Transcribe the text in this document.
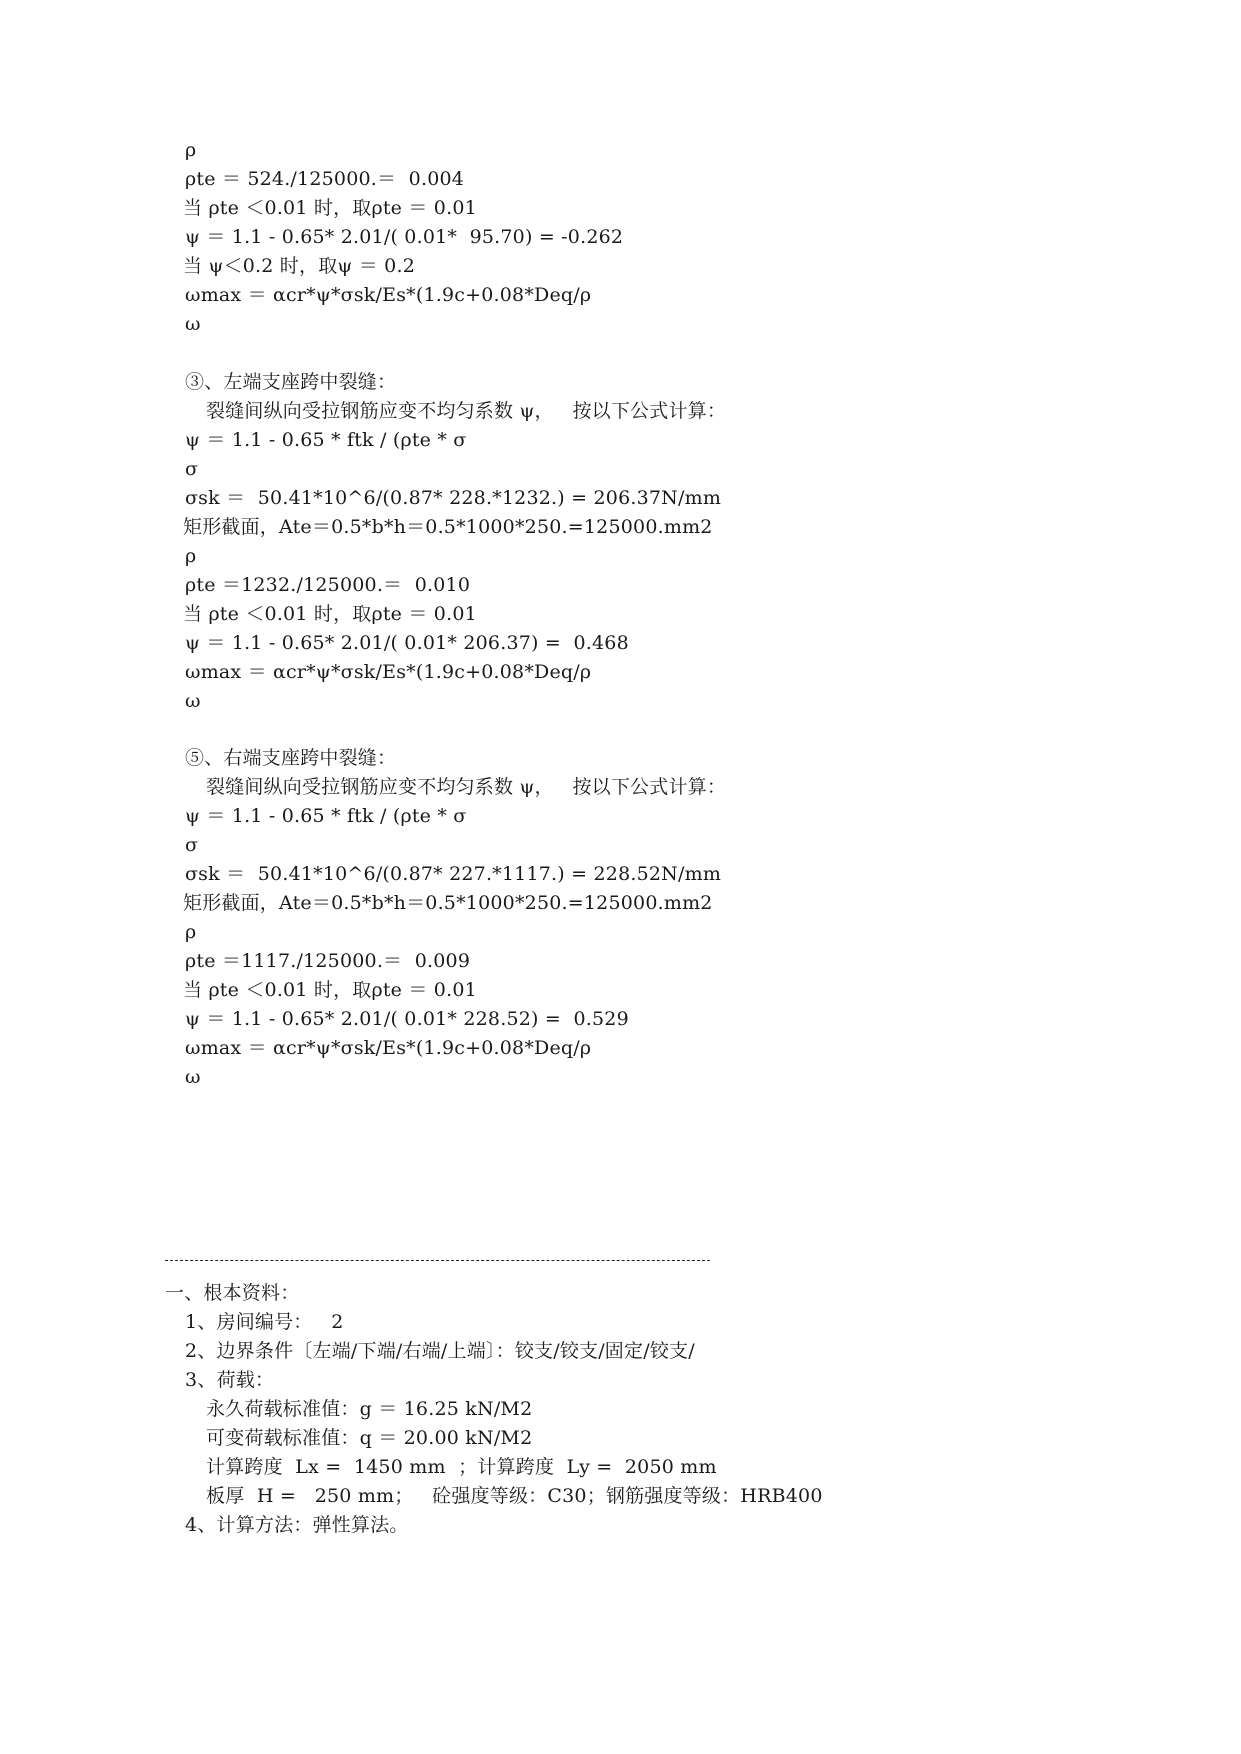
ρ
ρte ＝ 524./125000.＝  0.004
当 ρte ＜0.01 时，取ρte ＝ 0.01
ψ ＝ 1.1 - 0.65* 2.01/( 0.01*  95.70) = -0.262
当 ψ＜0.2 时，取ψ ＝ 0.2
ωmax ＝ αcr*ψ*σsk/Es*(1.9c+0.08*Deq/ρ
ω
③、左端支座跨中裂缝：
裂缝间纵向受拉钢筋应变不均匀系数 ψ，   按以下公式计算：
ψ ＝ 1.1 - 0.65 * ftk / (ρte * σ
σ
σsk ＝  50.41*10^6/(0.87* 228.*1232.) = 206.37N/mm
矩形截面，Ate＝0.5*b*h＝0.5*1000*250.=125000.mm2
ρ
ρte ＝1232./125000.＝  0.010
当 ρte ＜0.01 时，取ρte ＝ 0.01
ψ ＝ 1.1 - 0.65* 2.01/( 0.01* 206.37) =  0.468
ωmax ＝ αcr*ψ*σsk/Es*(1.9c+0.08*Deq/ρ
ω
⑤、右端支座跨中裂缝：
裂缝间纵向受拉钢筋应变不均匀系数 ψ，   按以下公式计算：
ψ ＝ 1.1 - 0.65 * ftk / (ρte * σ
σ
σsk ＝  50.41*10^6/(0.87* 227.*1117.) = 228.52N/mm
矩形截面，Ate＝0.5*b*h＝0.5*1000*250.=125000.mm2
ρ
ρte ＝1117./125000.＝  0.009
当 ρte ＜0.01 时，取ρte ＝ 0.01
ψ ＝ 1.1 - 0.65* 2.01/( 0.01* 228.52) =  0.529
ωmax ＝ αcr*ψ*σsk/Es*(1.9c+0.08*Deq/ρ
ω
一、根本资料：
1、房间编号：   2
2、边界条件〔左端/下端/右端/上端〕：铰支/铰支/固定/铰支/
3、荷载：
永久荷载标准值：g ＝ 16.25 kN/M2
可变荷载标准值：q ＝ 20.00 kN/M2
计算跨度  Lx =  1450 mm  ；计算跨度  Ly =  2050 mm
板厚  H =   250 mm；   砼强度等级：C30；钢筋强度等级：HRB400
4、计算方法：弹性算法。
